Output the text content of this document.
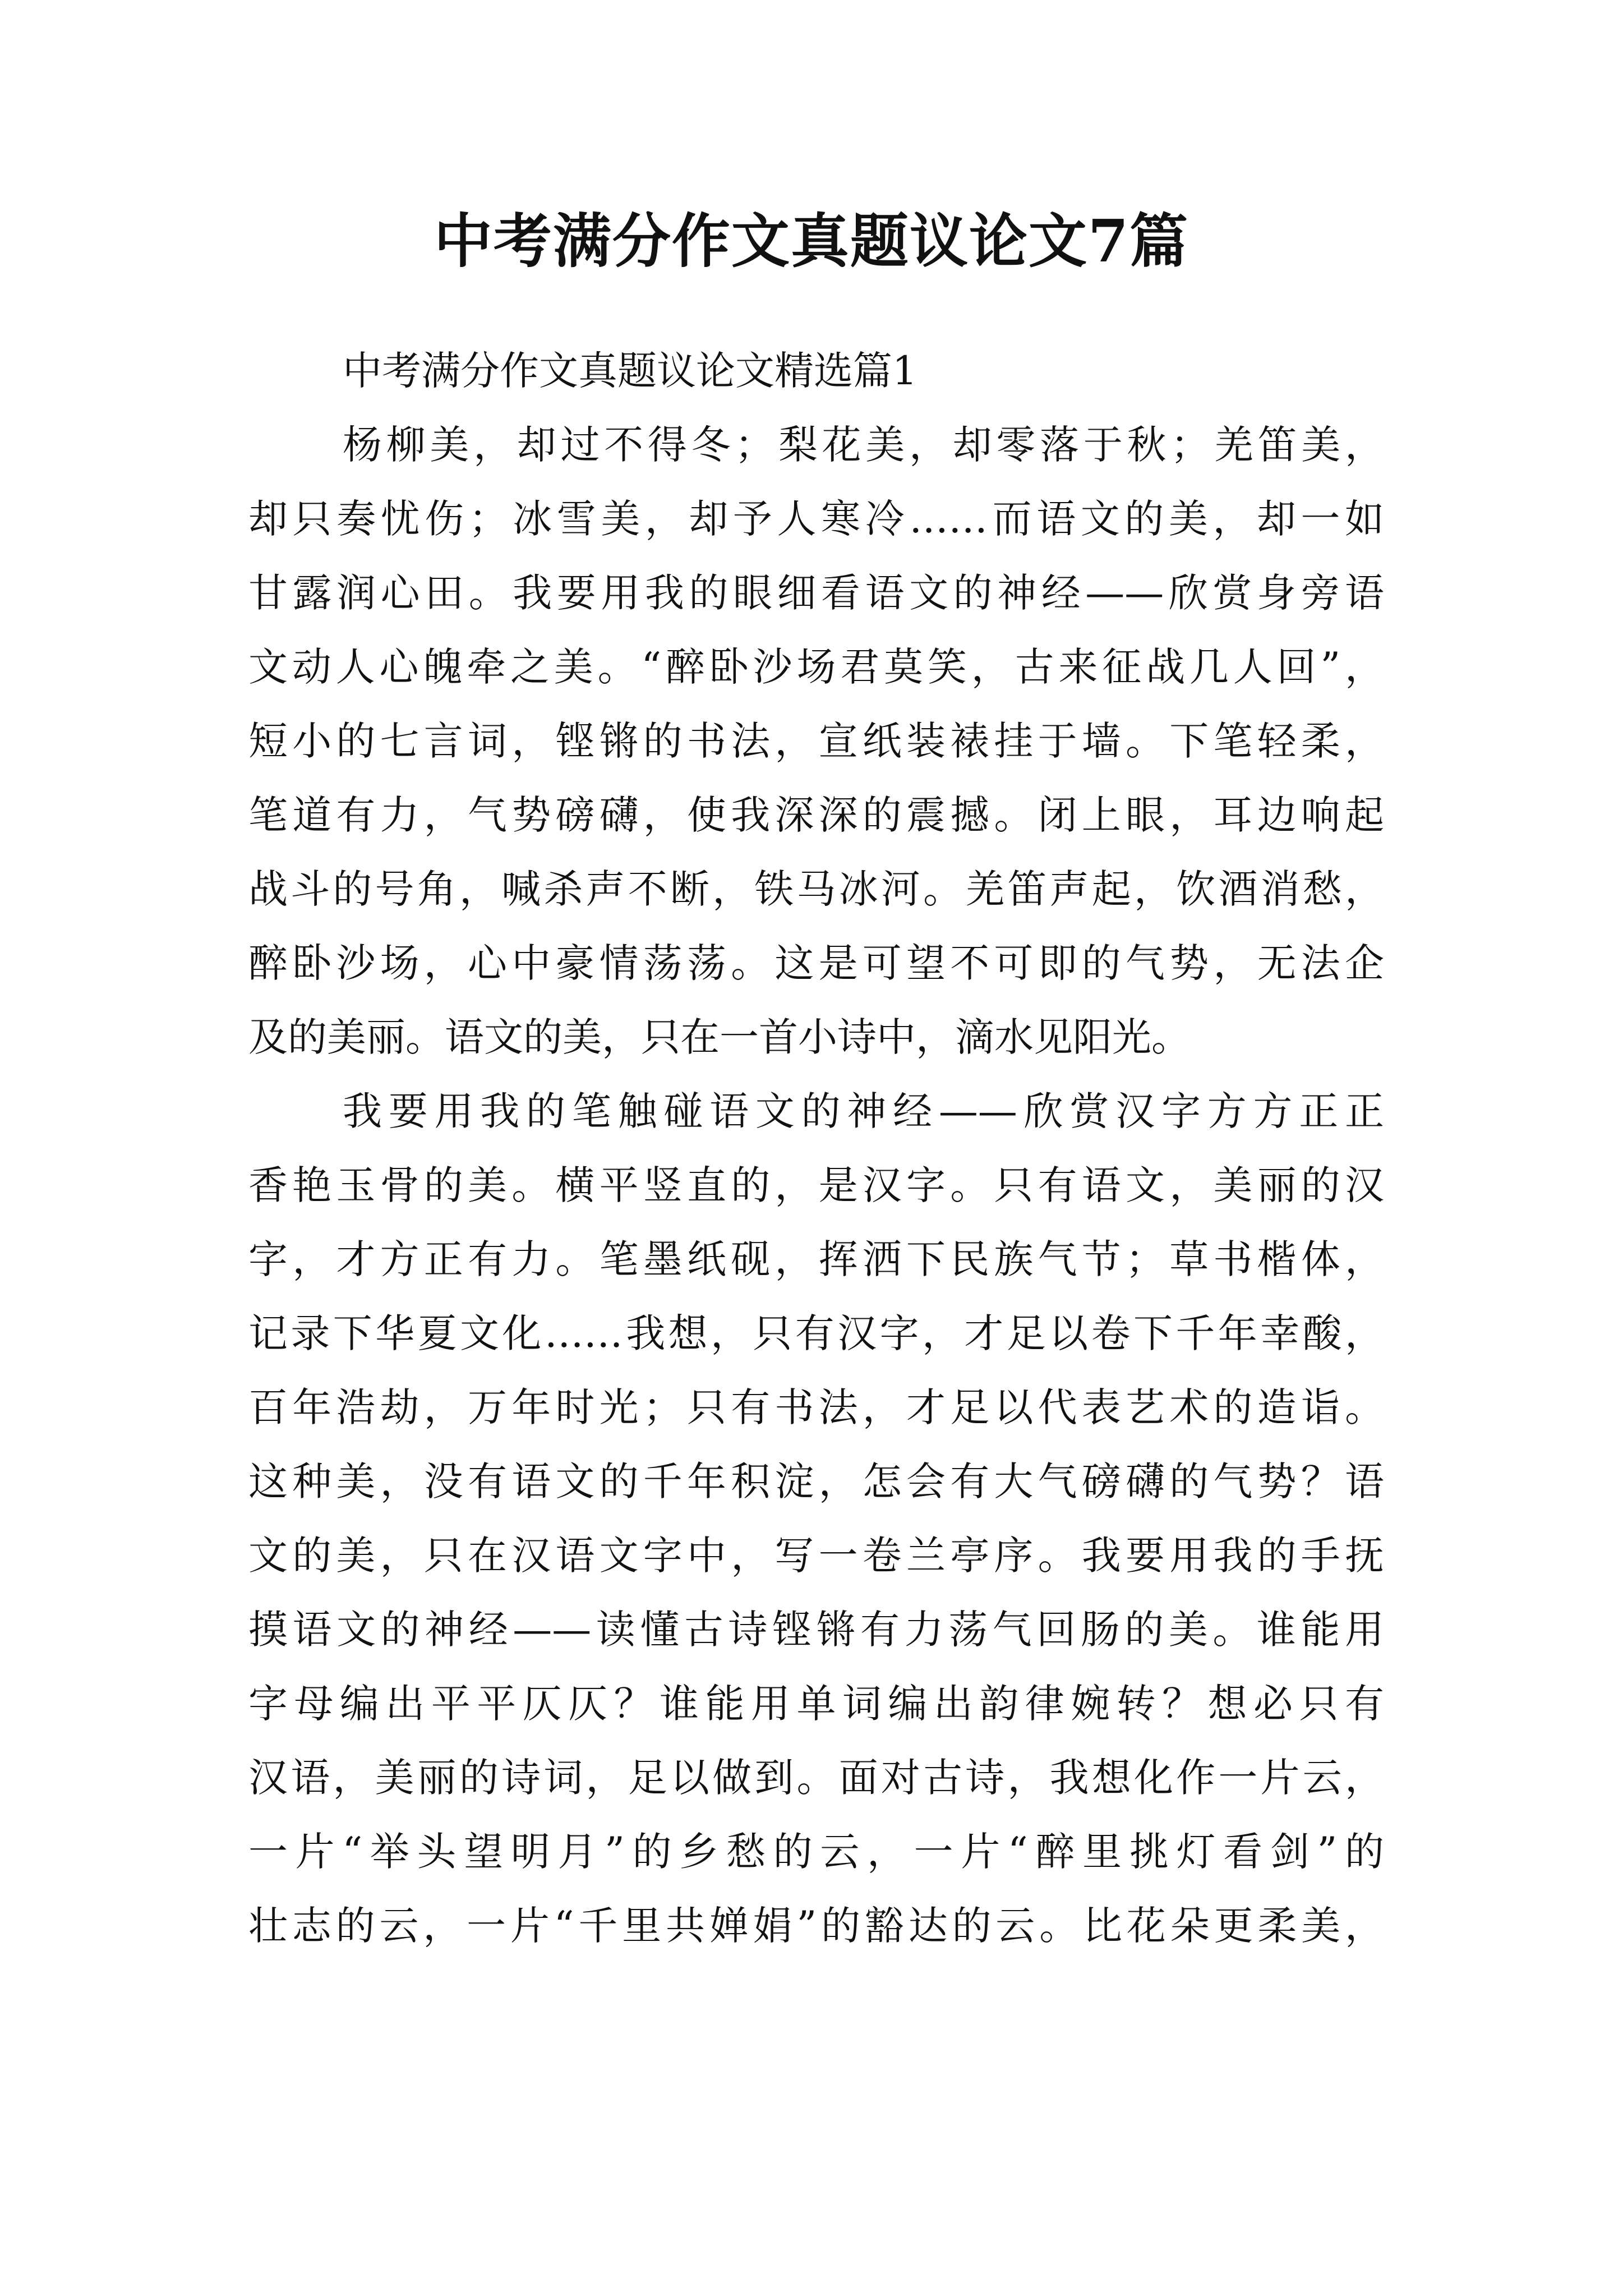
中考满分作文真题议论文7篇

中考满分作文真题议论文精选篇1

杨柳美，却过不得冬；梨花美，却零落于秋；羌笛美，
却只奏忧伤；冰雪美，却予人寒冷……而语文的美，却一如
甘露润心田。我要用我的眼细看语文的神经——欣赏身旁语
文动人心魄牵之美。“醉卧沙场君莫笑，古来征战几人回”，
短小的七言词，铿锵的书法，宣纸装裱挂于墙。下笔轻柔，
笔道有力，气势磅礴，使我深深的震撼。闭上眼，耳边响起
战斗的号角，喊杀声不断，铁马冰河。羌笛声起，饮酒消愁，
醉卧沙场，心中豪情荡荡。这是可望不可即的气势，无法企
及的美丽。语文的美，只在一首小诗中，滴水见阳光。
我要用我的笔触碰语文的神经——欣赏汉字方方正正
香艳玉骨的美。横平竖直的，是汉字。只有语文，美丽的汉
字，才方正有力。笔墨纸砚，挥洒下民族气节；草书楷体，
记录下华夏文化……我想，只有汉字，才足以卷下千年幸酸，
百年浩劫，万年时光；只有书法，才足以代表艺术的造诣。
这种美，没有语文的千年积淀，怎会有大气磅礴的气势？语
文的美，只在汉语文字中，写一卷兰亭序。我要用我的手抚
摸语文的神经——读懂古诗铿锵有力荡气回肠的美。谁能用
字母编出平平仄仄？谁能用单词编出韵律婉转？想必只有
汉语，美丽的诗词，足以做到。面对古诗，我想化作一片云，
一片“举头望明月”的乡愁的云，一片“醉里挑灯看剑”的
壮志的云，一片“千里共婵娟”的豁达的云。比花朵更柔美，
